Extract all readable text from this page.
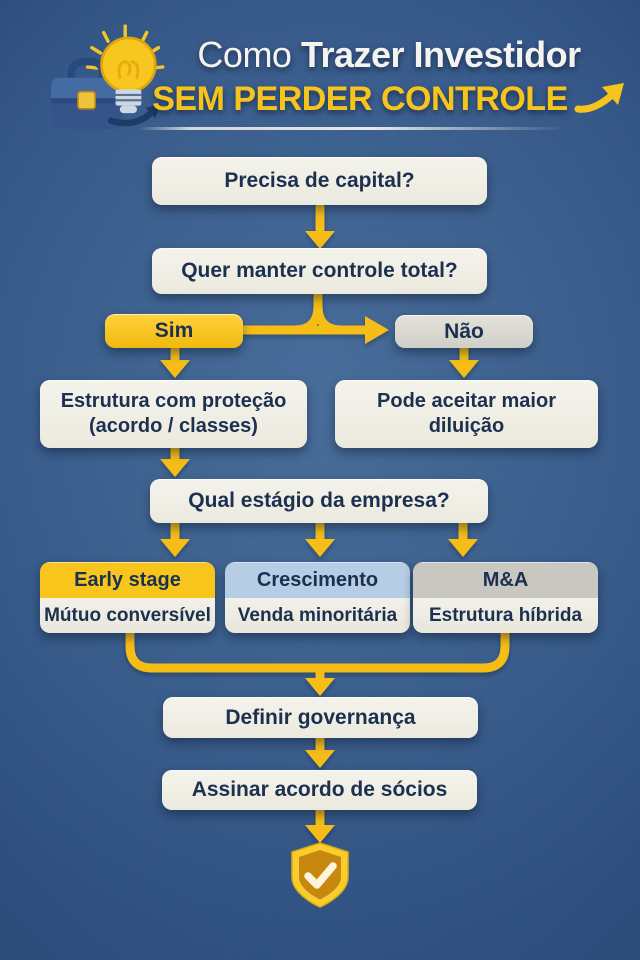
Como Trazer Investidor
SEM PERDER CONTROLE
Precisa de capital?
Quer manter controle total?
Sim	Não
Estrutura com proteção
(acordo / classes)
Pode aceitar maior diluição
Qual estágio da empresa?
Early stage
Mútuo conversível
Crescimento
Venda minoritária
M&A
Estrutura híbrida
Definir governança
Assinar acordo de sócios
